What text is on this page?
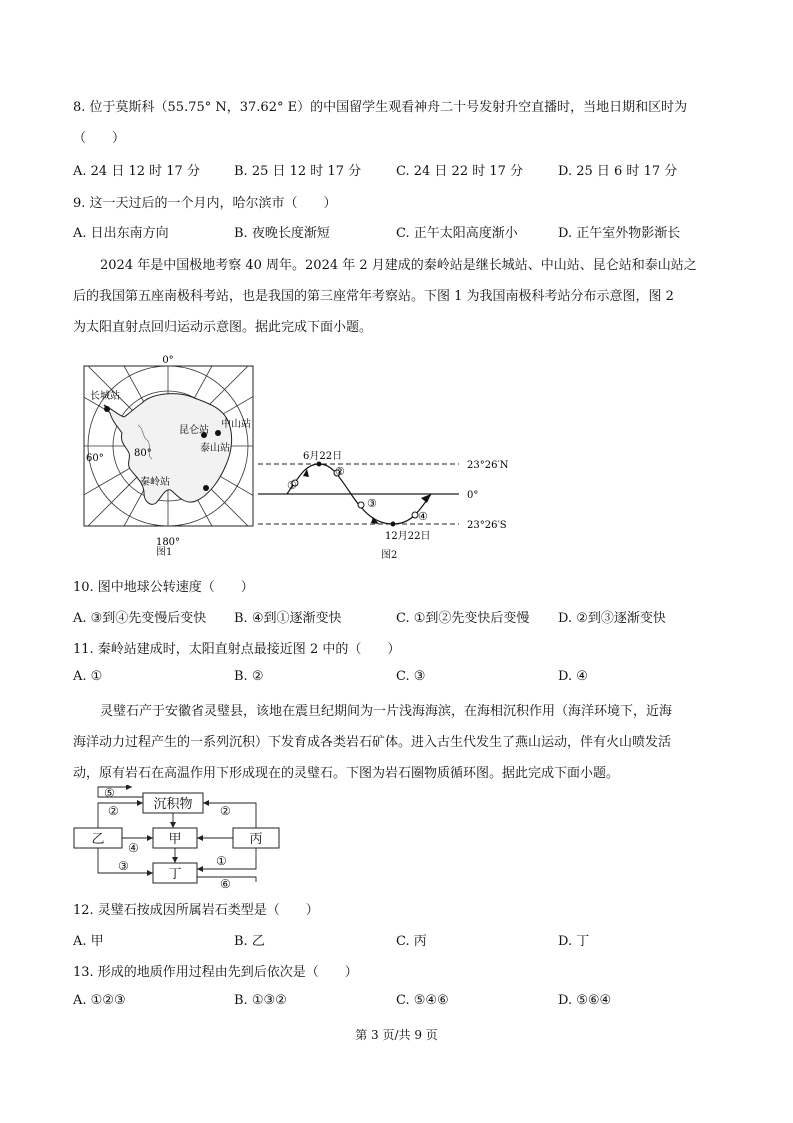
8. 位于莫斯科（55.75° N，37.62° E）的中国留学生观看神舟二十号发射升空直播时，当地日期和区时为
（　　）
A. 24 日 12 时 17 分	B. 25 日 12 时 17 分	C. 24 日 22 时 17 分	D. 25 日 6 时 17 分
9. 这一天过后的一个月内，哈尔滨市（　　）
A. 日出东南方向	B. 夜晚长度渐短	C. 正午太阳高度渐小	D. 正午室外物影渐长
2024 年是中国极地考察 40 周年。2024 年 2 月建成的秦岭站是继长城站、中山站、昆仑站和泰山站之
后的我国第五座南极科考站，也是我国的第三座常年考察站。下图 1 为我国南极科考站分布示意图，图 2
为太阳直射点回归运动示意图。据此完成下面小题。
0°
180°
60°	80°
长城站
昆仑站
中山站
泰山站
秦岭站
图1
6月22日
12月22日
23°26′N
0°
23°26′S
①
②
③
④
图2
10. 图中地球公转速度（　　）
A. ③到④先变慢后变快 B. ④到①逐渐变快	C. ①到②先变快后变慢 D. ②到③逐渐变快
11. 秦岭站建成时，太阳直射点最接近图 2 中的（　　）
A. ①	B. ②	C. ③	D. ④
灵璧石产于安徽省灵璧县，该地在震旦纪期间为一片浅海海滨，在海相沉积作用（海洋环境下，近海
海洋动力过程产生的一系列沉积）下发育成各类岩石矿体。进入古生代发生了燕山运动，伴有火山喷发活
动，原有岩石在高温作用下形成现在的灵璧石。下图为岩石圈物质循环图。据此完成下面小题。
沉积物
乙	甲	丙
丁
⑤
②	②
④
③	①
⑥
12. 灵璧石按成因所属岩石类型是（　　）
A. 甲	B. 乙	C. 丙	D. 丁
13. 形成的地质作用过程由先到后依次是（　　）
A. ①②③	B. ①③②	C. ⑤④⑥	D. ⑤⑥④
第 3 页/共 9 页
